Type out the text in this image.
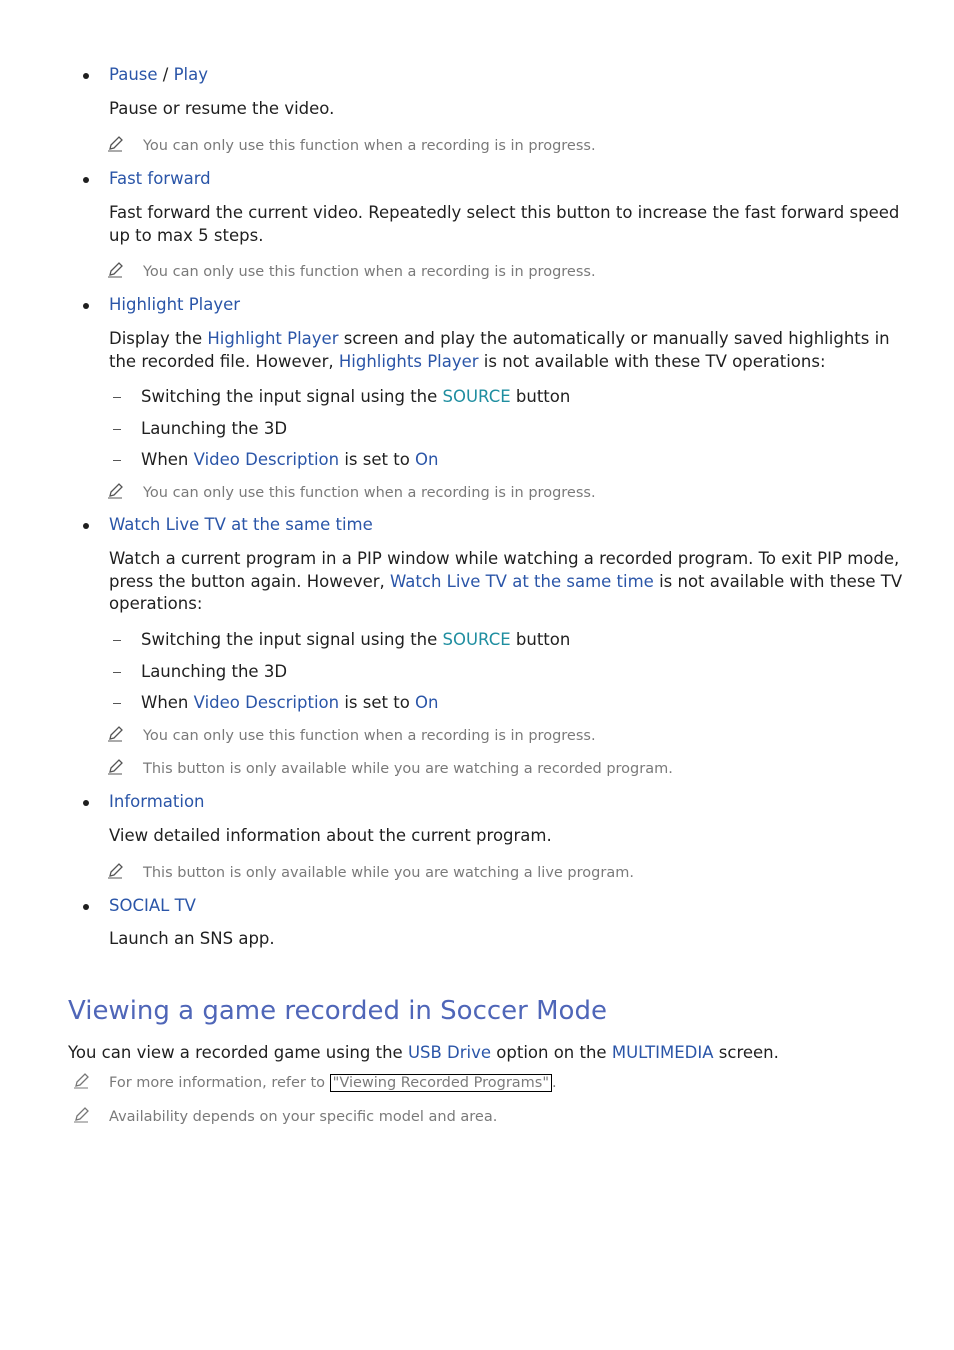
Pause / Play
Pause or resume the video.
You can only use this function when a recording is in progress.
Fast forward
Fast forward the current video. Repeatedly select this button to increase the fast forward speed
up to max 5 steps.
You can only use this function when a recording is in progress.
Highlight Player
Display the Highlight Player screen and play the automatically or manually saved highlights in
the recorded file. However, Highlights Player is not available with these TV operations:
Switching the input signal using the SOURCE button
Launching the 3D
When Video Description is set to On
You can only use this function when a recording is in progress.
Watch Live TV at the same time
Watch a current program in a PIP window while watching a recorded program. To exit PIP mode,
press the button again. However, Watch Live TV at the same time is not available with these TV
operations:
Switching the input signal using the SOURCE button
Launching the 3D
When Video Description is set to On
You can only use this function when a recording is in progress.
This button is only available while you are watching a recorded program.
Information
View detailed information about the current program.
This button is only available while you are watching a live program.
SOCIAL TV
Launch an SNS app.
Viewing a game recorded in Soccer Mode
You can view a recorded game using the USB Drive option on the MULTIMEDIA screen.
For more information, refer to "Viewing Recorded Programs" .
Availability depends on your specific model and area.
